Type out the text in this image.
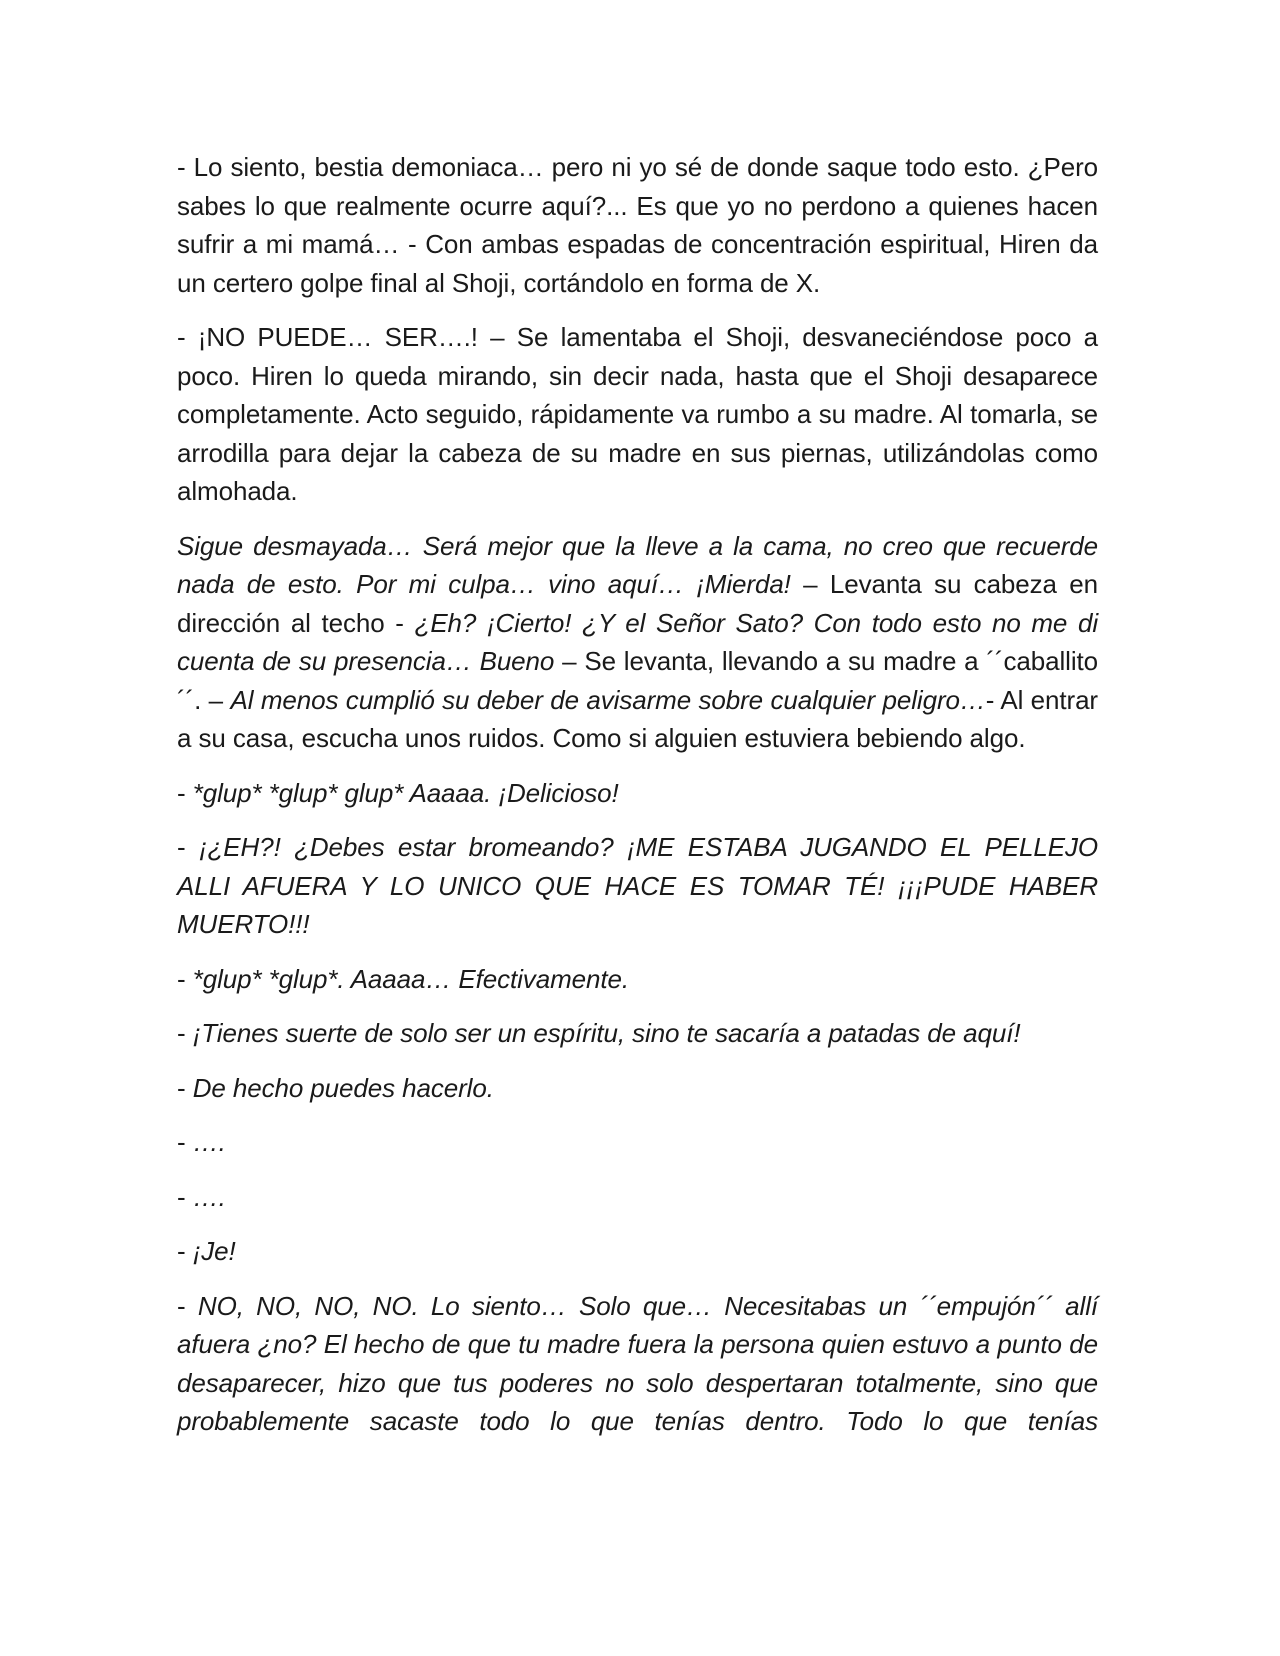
- Lo siento, bestia demoniaca… pero ni yo sé de donde saque todo esto. ¿Pero sabes lo que realmente ocurre aquí?... Es que yo no perdono a quienes hacen sufrir a mi mamá… - Con ambas espadas de concentración espiritual, Hiren da un certero golpe final al Shoji, cortándolo en forma de X.

- ¡NO PUEDE… SER….! – Se lamentaba el Shoji, desvaneciéndose poco a poco. Hiren lo queda mirando, sin decir nada, hasta que el Shoji desaparece completamente. Acto seguido, rápidamente va rumbo a su madre. Al tomarla, se arrodilla para dejar la cabeza de su madre en sus piernas, utilizándolas como almohada.

Sigue desmayada… Será mejor que la lleve a la cama, no creo que recuerde nada de esto. Por mi culpa… vino aquí… ¡Mierda! – Levanta su cabeza en dirección al techo - ¿Eh? ¡Cierto! ¿Y el Señor Sato? Con todo esto no me di cuenta de su presencia… Bueno – Se levanta, llevando a su madre a ´´caballito´´. – Al menos cumplió su deber de avisarme sobre cualquier peligro…- Al entrar a su casa, escucha unos ruidos. Como si alguien estuviera bebiendo algo.

- *glup* *glup* glup* Aaaaa. ¡Delicioso!

- ¡¿EH?! ¿Debes estar bromeando? ¡ME ESTABA JUGANDO EL PELLEJO ALLI AFUERA Y LO UNICO QUE HACE ES TOMAR TÉ! ¡¡¡PUDE HABER MUERTO!!!

- *glup* *glup*. Aaaaa… Efectivamente.

- ¡Tienes suerte de solo ser un espíritu, sino te sacaría a patadas de aquí!

- De hecho puedes hacerlo.

- ….

- ….

- ¡Je!

- NO, NO, NO, NO. Lo siento… Solo que… Necesitabas un ´´empujón´´ allí afuera ¿no? El hecho de que tu madre fuera la persona quien estuvo a punto de desaparecer, hizo que tus poderes no solo despertaran totalmente, sino que probablemente sacaste todo lo que tenías dentro. Todo lo que tenías
